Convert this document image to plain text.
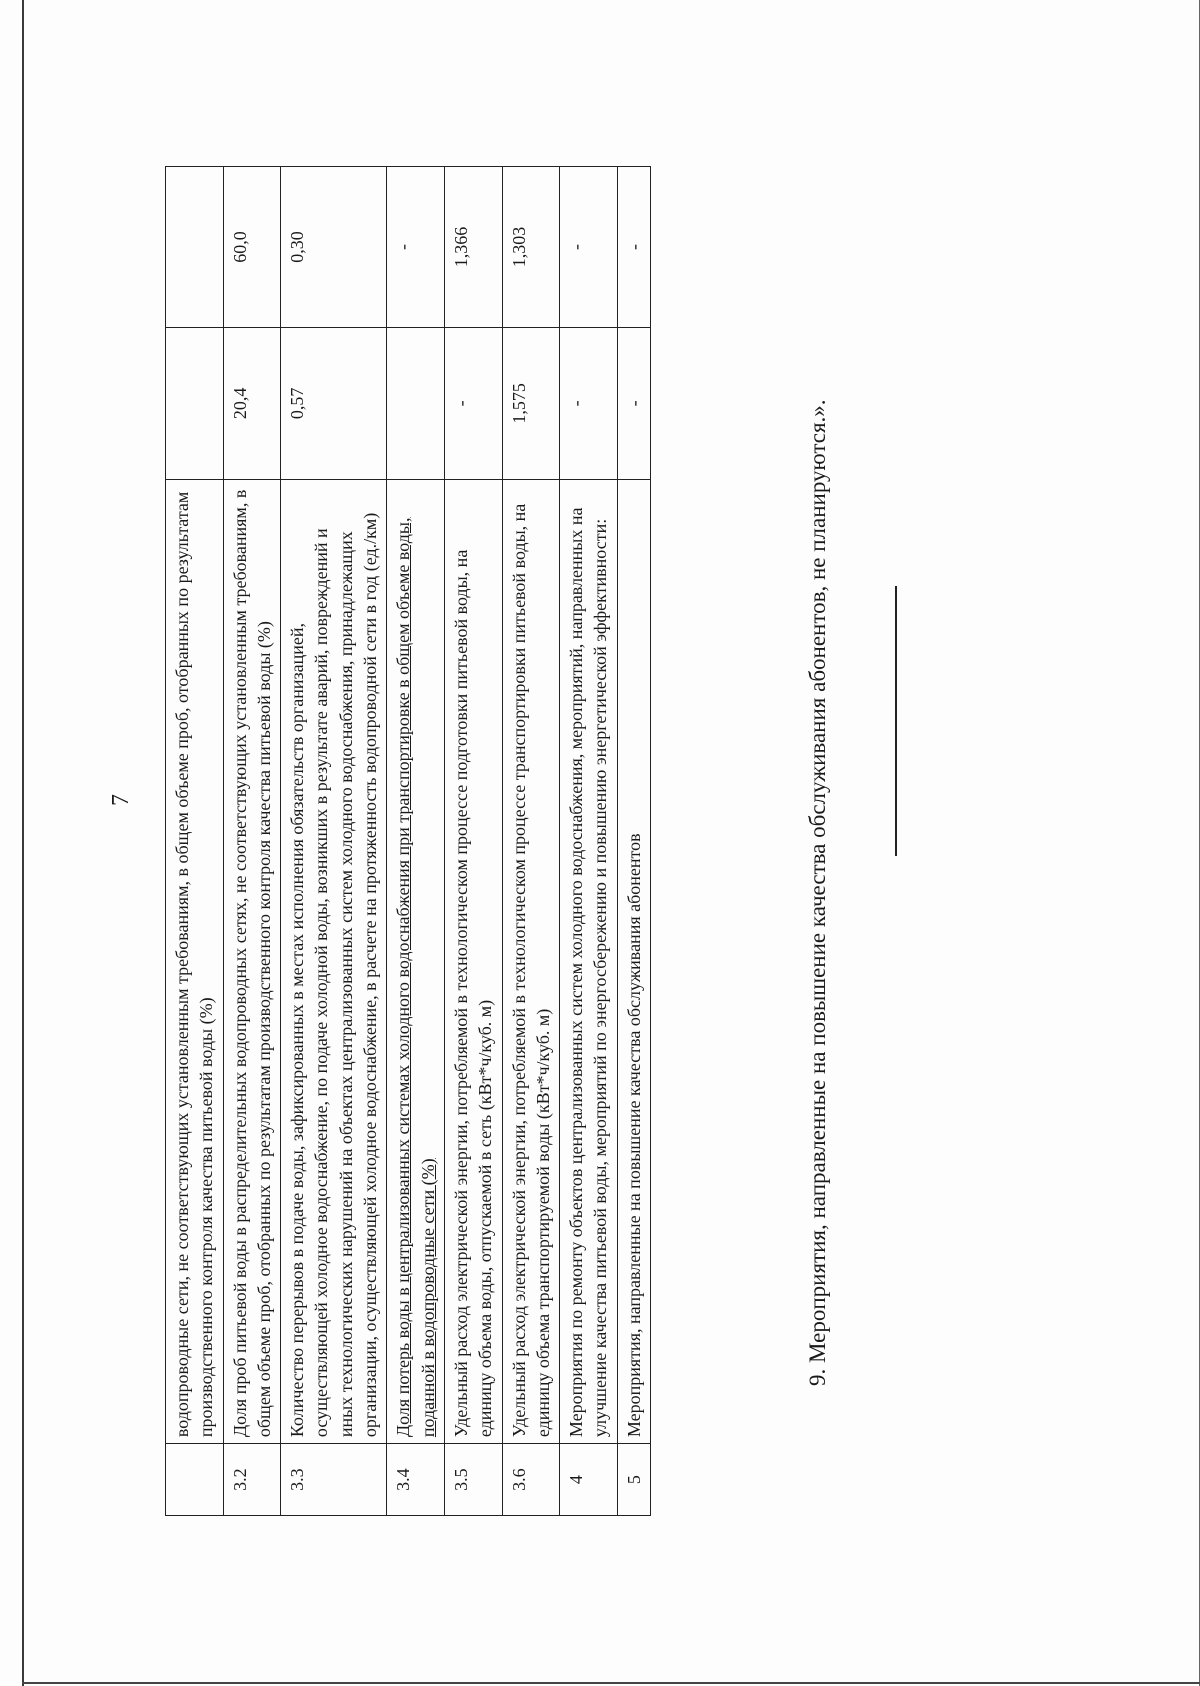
7
	водопроводные сети, не соответствующих установленным требованиям, в общем объеме проб, отобранных по результатам производственного контроля качества питьевой воды (%)		
3.2	Доля проб питьевой воды в распределительных водопроводных сетях, не соответствующих установленным требованиям, в общем объеме проб, отобранных по результатам производственного контроля качества питьевой воды (%)	20,4	60,0
3.3	Количество перерывов в подаче воды, зафиксированных в местах исполнения обязательств организацией, осуществляющей холодное водоснабжение, по подаче холодной воды, возникших в результате аварий, повреждений и иных технологических нарушений на объектах централизованных систем холодного водоснабжения, принадлежащих организации, осуществляющей холодное водоснабжение, в расчете на протяженность водопроводной сети в год (ед./км)	0,57	0,30
3.4	Доля потерь воды в централизованных системах холодного водоснабжения при транспортировке в общем объеме воды, поданной в водопроводные сети (%)		-
3.5	Удельный расход электрической энергии, потребляемой в технологическом процессе подготовки питьевой воды, на единицу объема воды, отпускаемой в сеть (кВт*ч/куб. м)	-	1,366
3.6	Удельный расход электрической энергии, потребляемой в технологическом процессе транспортировки питьевой воды, на единицу объема транспортируемой воды (кВт*ч/куб. м)	1,575	1,303
4	Мероприятия по ремонту объектов централизованных систем холодного водоснабжения, мероприятий, направленных на улучшение качества питьевой воды, мероприятий по энергосбережению и повышению энергетической эффективности:	-	-
5	Мероприятия, направленные на повышение качества обслуживания абонентов	-	-
9. Мероприятия, направленные на повышение качества обслуживания абонентов, не планируются.».
